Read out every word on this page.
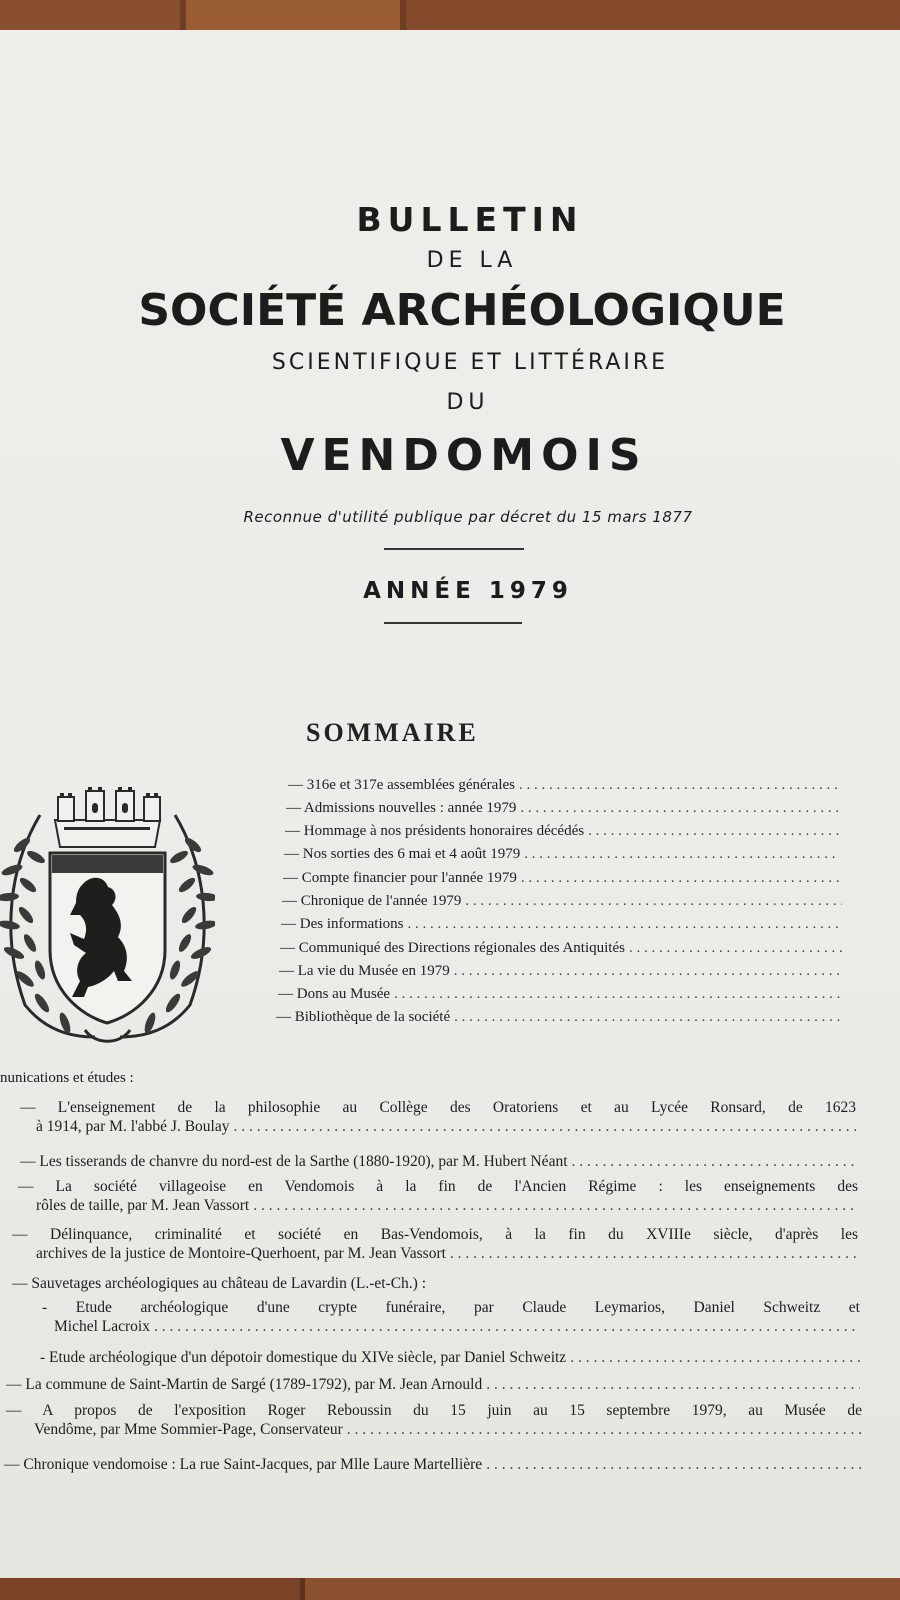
BULLETIN
DE LA
SOCIÉTÉ ARCHÉOLOGIQUE
SCIENTIFIQUE ET LITTÉRAIRE
DU
VENDOMOIS
Reconnue d'utilité publique par décret du 15 mars 1877
ANNÉE 1979
SOMMAIRE
— 316e et 317e assemblées générales
. . .
— Admissions nouvelles : année 1979
. . .
— Hommage à nos présidents honoraires décédés
. . .
— Nos sorties des 6 mai et 4 août 1979
. . .
— Compte financier pour l'année 1979
. . .
— Chronique de l'année 1979
. . .
— Des informations
. . .
— Communiqué des Directions régionales des Antiquités
. . .
— La vie du Musée en 1979
. . .
— Dons au Musée
. . .
— Bibliothèque de la société
. . .
nunications et études :
— L'enseignement de la philosophie au Collège des Oratoriens et au Lycée Ronsard, de 1623
à 1914, par M. l'abbé J. Boulay
. . .
— Les tisserands de chanvre du nord-est de la Sarthe (1880-1920), par M. Hubert Néant
. . .
— La société villageoise en Vendomois à la fin de l'Ancien Régime : les enseignements des
rôles de taille, par M. Jean Vassort
. . .
— Délinquance, criminalité et société en Bas-Vendomois, à la fin du XVIIIe siècle, d'après les
archives de la justice de Montoire-Querhoent, par M. Jean Vassort
. . .
— Sauvetages archéologiques au château de Lavardin (L.-et-Ch.) :
- Etude archéologique d'une crypte funéraire, par Claude Leymarios, Daniel Schweitz et
Michel Lacroix
. . .
- Etude archéologique d'un dépotoir domestique du XIVe siècle, par Daniel Schweitz
. . .
— La commune de Saint-Martin de Sargé (1789-1792), par M. Jean Arnould
. . .
— A propos de l'exposition Roger Reboussin du 15 juin au 15 septembre 1979, au Musée de
Vendôme, par Mme Sommier-Page, Conservateur
. . .
— Chronique vendomoise : La rue Saint-Jacques, par Mlle Laure Martellière
. . .
